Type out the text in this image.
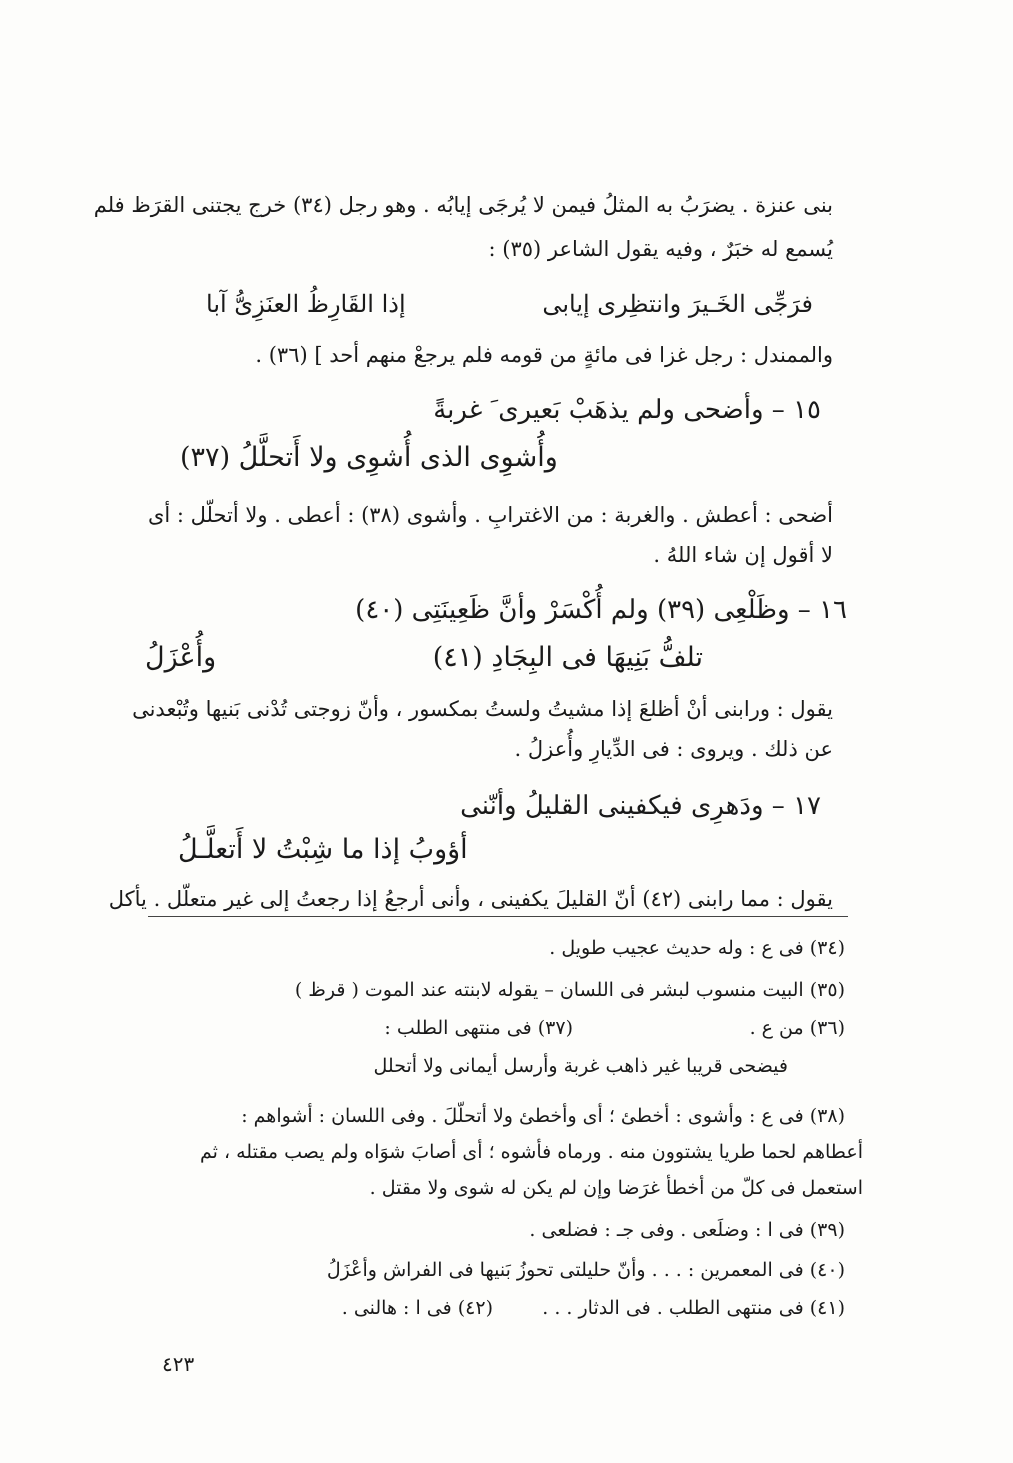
بنى عنزة . يضرَبُ به المثلُ فيمن لا يُرجَى إيابُه . وهو رجل (٣٤) خرج يجتنى القرَظ فلم
يُسمع له خبَرٌ ، وفيه يقول الشاعر (٣٥) :
فرَجِّى الخَـيرَ وانتظِرى إيابى
إذا القَارِظُ العنَزِىُّ آبا
والممندل : رجل غزا فى مائةٍ من قومه فلم يرجعْ منهم أحد ] (٣٦) .
١٥ – وأضحى ولم يذهَبْ بَعيرى َ غربةً
وأُشوِى الذى أُشوِى ولا أَتحلَّلُ (٣٧)
أضحى : أعطش . والغربة : من الاغترابِ . وأشوى (٣٨) : أعطى . ولا أتحلّل : أى
لا أقول إن شاء اللهُ .
١٦ – وظَلْعِى (٣٩) ولم أُكْسَرْ وأنَّ ظَعِينَتِى (٤٠)
تلفُّ بَنِيهَا فى البِجَادِ (٤١)
وأُعْزَلُ
يقول : ورابنى أنْ أظلعَ إذا مشيتُ ولستُ بمكسور ، وأنّ زوجتى تُدْنى بَنيها وتُبْعدنى
عن ذلك . ويروى : فى الدِّيارِ وأُعزلُ .
١٧ – ودَهرِى فيكفينى القليلُ وأنّنى
أؤوبُ إذا ما شِبْتُ لا أَتعلَّـلُ
يقول : مما رابنى (٤٢) أنّ القليلَ يكفينى ، وأنى أرجعُ إذا رجعتُ إلى غير متعلّل . يأكل
(٣٤) فى ع : وله حديث عجيب طويل .
(٣٥) البيت منسوب لبشر فى اللسان – يقوله لابنته عند الموت ( قرظ )
(٣٦) من ع .
(٣٧) فى منتهى الطلب :
فيضحى قريبا غير ذاهب غربة وأرسل أيمانى ولا أتحلل
(٣٨) فى ع : وأشوى : أخطئ ؛ أى وأخطئ ولا أتحلّلَ . وفى اللسان : أشواهم :
أعطاهم لحما طريا يشتوون منه . ورماه فأشوه ؛ أى أصابَ شوَاه ولم يصب مقتله ، ثم
استعمل فى كلّ من أخطأ غرَضا وإن لم يكن له شوى ولا مقتل .
(٣٩) فى ا : وضلَعى . وفى جـ : فضلعى .
(٤٠) فى المعمرين : . . . وأنّ حليلتى تحوزُ بَنيها فى الفراش وأعْزَلُ
(٤١) فى منتهى الطلب . فى الدثار . . .
(٤٢) فى ا : هالنى .
٤٢٣
